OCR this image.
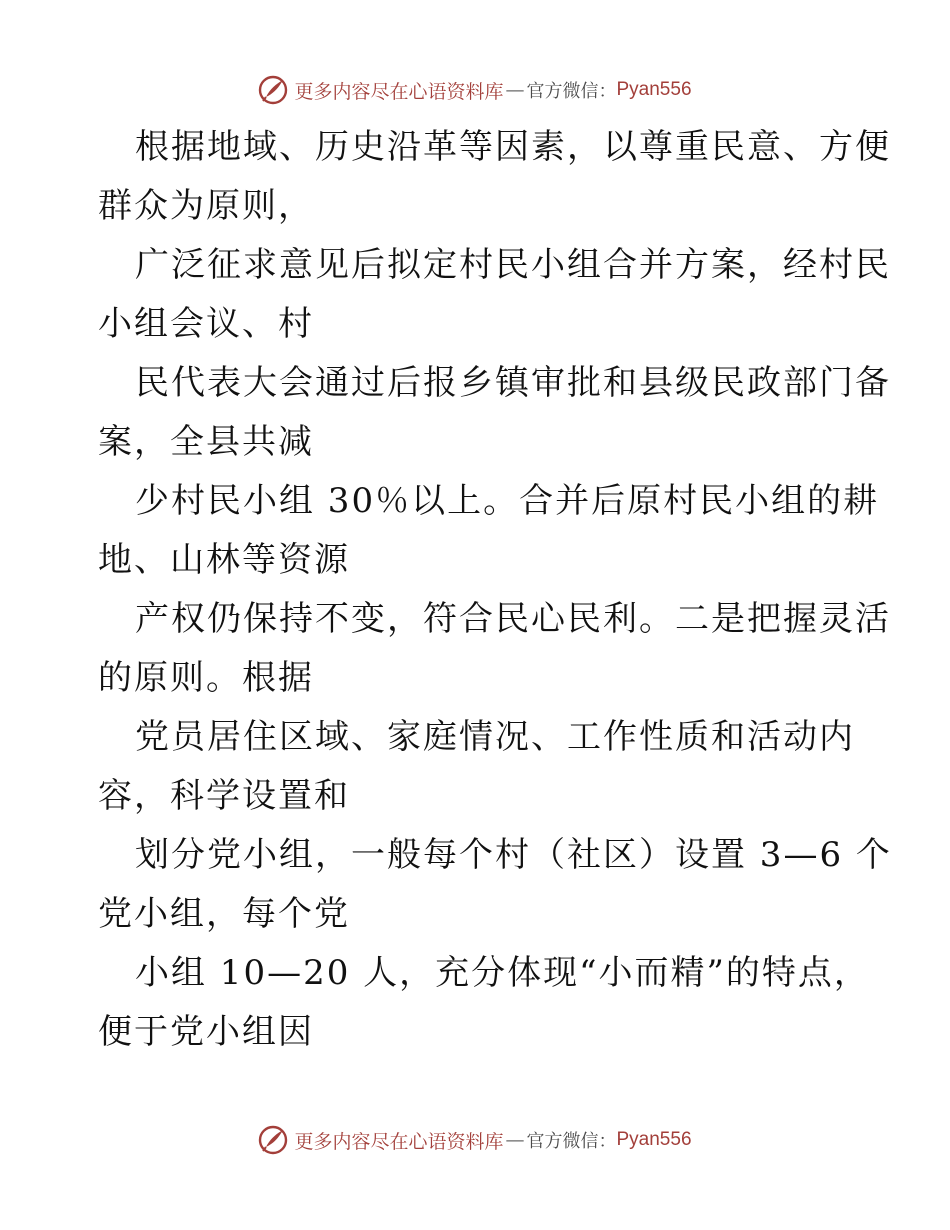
更多内容尽在心语资料库 — 官方微信： Pyan556
根据地域、历史沿革等因素，以尊重民意、方便
群众为原则，
广泛征求意见后拟定村民小组合并方案，经村民
小组会议、村
民代表大会通过后报乡镇审批和县级民政部门备
案，全县共减
少村民小组 30％以上。合并后原村民小组的耕
地、山林等资源
产权仍保持不变，符合民心民利。二是把握灵活
的原则。根据
党员居住区域、家庭情况、工作性质和活动内
容，科学设置和
划分党小组，一般每个村（社区）设置 3—6 个
党小组，每个党
小组 10—20 人，充分体现“小而精”的特点，
便于党小组因
更多内容尽在心语资料库 — 官方微信： Pyan556
